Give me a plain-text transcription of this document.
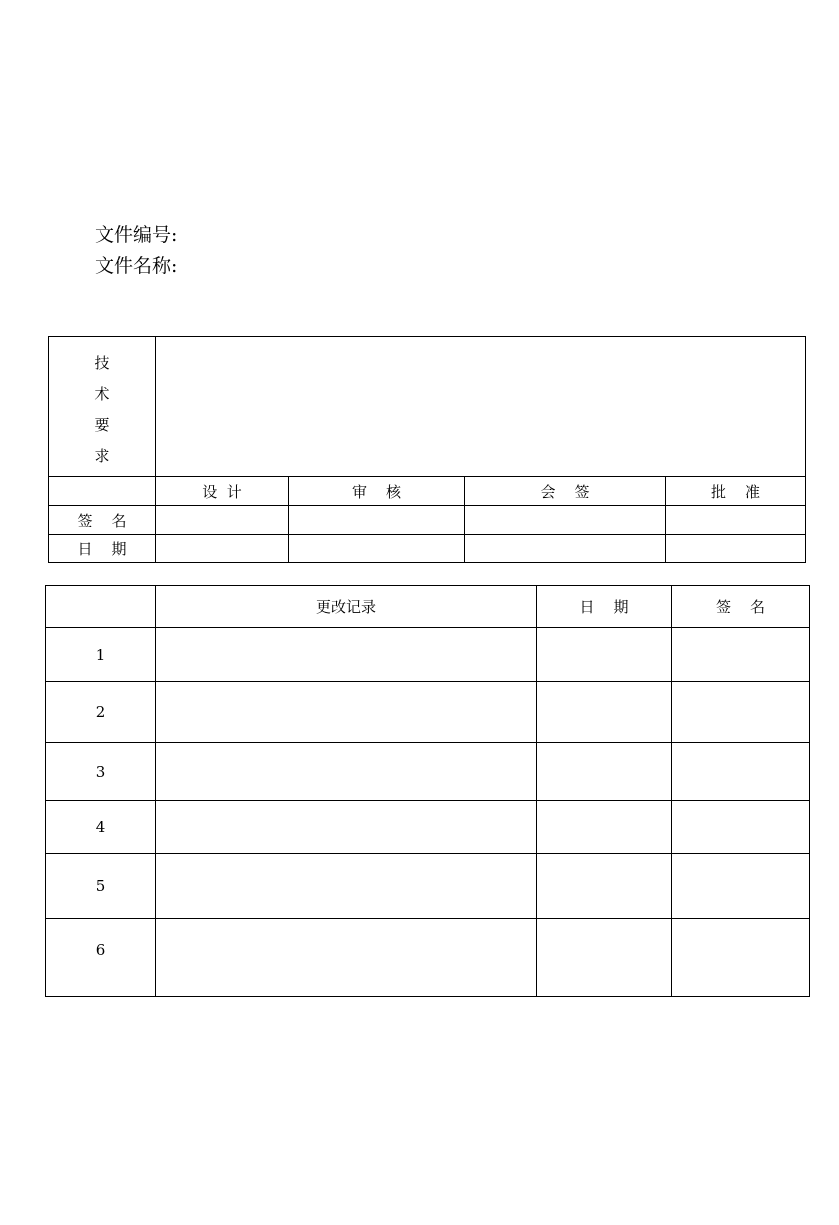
文件编号:
文件名称:
技
术
要
求				

	设  计	审    核	会    签	批    准
签    名				
日    期				
	更改记录	日    期	签    名
1			
2			
3			
4			
5			
6			
